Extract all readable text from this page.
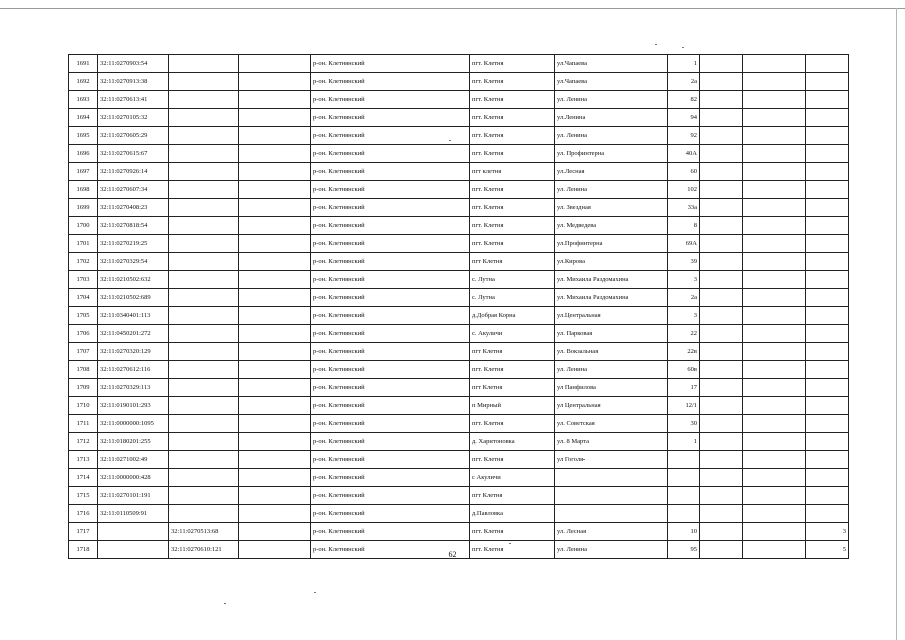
1691	32:11:0270903:54			р-он. Клетнянский	пгт. Клетня	ул.Чапаева	1			
1692	32:11:0270913:38			р-он. Клетнянский	пгт. Клетня	ул.Чапаева	2а			
1693	32:11:0270613:41			р-он. Клетнянский	пгт. Клетня	ул. Ленина	82			
1694	32:11:0270105:32			р-он. Клетнянский	пгт. Клетня	ул.Ленина	94			
1695	32:11:0270605:29			р-он. Клетнянский	пгт. Клетня	ул. Ленина	92			
1696	32:11:0270615:67			р-он. Клетнянский	пгт. Клетня	ул. Профинтерна	40А			
1697	32:11:0270926:14			р-он. Клетнянский	пгт клетня	ул.Лесная	60			
1698	32:11:0270607:34			р-он. Клетнянский	пгт. Клетня	ул. Ленина	102			
1699	32:11:0270408:23			р-он. Клетнянский	пгт. Клетня	ул. Звездная	33а			
1700	32:11:0270818:54			р-он. Клетнянский	пгт. Клетня	ул. Медведева	8			
1701	32:11:0270219:25			р-он. Клетнянский	пгт. Клетня	ул.Профинтерна	69А			
1702	32:11:0270329:54			р-он. Клетнянский	пгт Клетня	ул.Кирова	39			
1703	32:11:0210502:632			р-он. Клетнянский	с. Лутна	ул. Михаила Раздомахина	3			
1704	32:11:0210502:689			р-он. Клетнянский	с. Лутна	ул. Михаила Раздомахина	2а			
1705	32:11:0340401:113			р-он. Клетнянский	д.Добрая Корна	ул.Центральная	3			
1706	32:11:0450201:272			р-он. Клетнянский	с. Акуличи	ул. Парковая	22			
1707	32:11:0270320:129			р-он. Клетнянский	пгт Клетня	ул. Вокзальная	22в			
1708	32:11:0270612:116			р-он. Клетнянский	пгт. Клетня	ул. Ленина	60в			
1709	32:11:0270329:113			р-он. Клетнянский	пгт Клетня	ул Панфилова	17			
1710	32:11:0190101:293			р-он. Клетнянский	п Мирный	ул Центральная	12/1			
1711	32:11:0000000:1095			р-он. Клетнянский	пгт. Клетня	ул. Советская	30			
1712	32:11:0180201:255			р-он. Клетнянский	д. Харитоновка	ул. 8 Марта	1			
1713	32:11:0271002:49			р-он. Клетнянский	пгт. Клетня	ул Гоголя				
1714	32:11:0000000:428			р-он. Клетнянский	с Акуличи					
1715	32:11:0270101:191			р-он. Клетнянский	пгт Клетня					
1716	32:11:0110509:91			р-он. Клетнянский	д.Павловка					
1717		32:11:0270513:68		р-он. Клетнянский	пгт. Клетня	ул. Лесная	10			3
1718		32:11:0270610:121		р-он. Клетнянский	пгт. Клетня	ул. Ленина	95			5
62
